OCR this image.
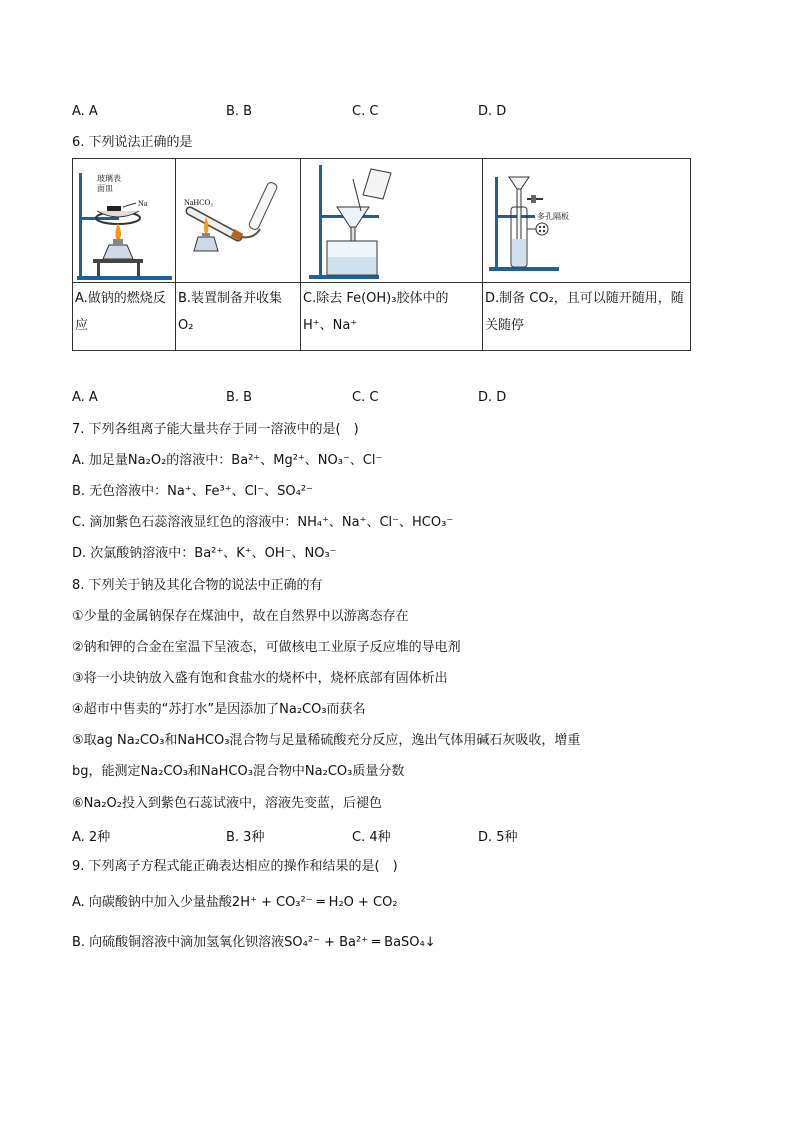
A. A	B. B	C. C	D. D
6. 下列说法正确的是
Na
玻璃表
面皿	NaHCO₃		多孔隔板

A.做钠的燃烧反应	B.装置制备并收集 O₂	C.除去 Fe(OH)₃胶体中的 H⁺、Na⁺	D.制备 CO₂，且可以随开随用，随关随停
A. A	B. B	C. C	D. D
7. 下列各组离子能大量共存于同一溶液中的是(　)
A. 加足量Na₂O₂的溶液中：Ba²⁺、Mg²⁺、NO₃⁻、Cl⁻
B. 无色溶液中：Na⁺、Fe³⁺、Cl⁻、SO₄²⁻
C. 滴加紫色石蕊溶液显红色的溶液中：NH₄⁺、Na⁺、Cl⁻、HCO₃⁻
D. 次氯酸钠溶液中：Ba²⁺、K⁺、OH⁻、NO₃⁻
8. 下列关于钠及其化合物的说法中正确的有
①少量的金属钠保存在煤油中，故在自然界中以游离态存在
②钠和钾的合金在室温下呈液态，可做核电工业原子反应堆的导电剂
③将一小块钠放入盛有饱和食盐水的烧杯中，烧杯底部有固体析出
④超市中售卖的“苏打水”是因添加了Na₂CO₃而获名
⑤取ag Na₂CO₃和NaHCO₃混合物与足量稀硫酸充分反应，逸出气体用碱石灰吸收，增重
bg，能测定Na₂CO₃和NaHCO₃混合物中Na₂CO₃质量分数
⑥Na₂O₂投入到紫色石蕊试液中，溶液先变蓝，后褪色
A. 2种	B. 3种	C. 4种	D. 5种
9. 下列离子方程式能正确表达相应的操作和结果的是(　)
A. 向碳酸钠中加入少量盐酸2H⁺ + CO₃²⁻ ═ H₂O + CO₂
B. 向硫酸铜溶液中滴加氢氧化钡溶液SO₄²⁻ + Ba²⁺ ═ BaSO₄↓
